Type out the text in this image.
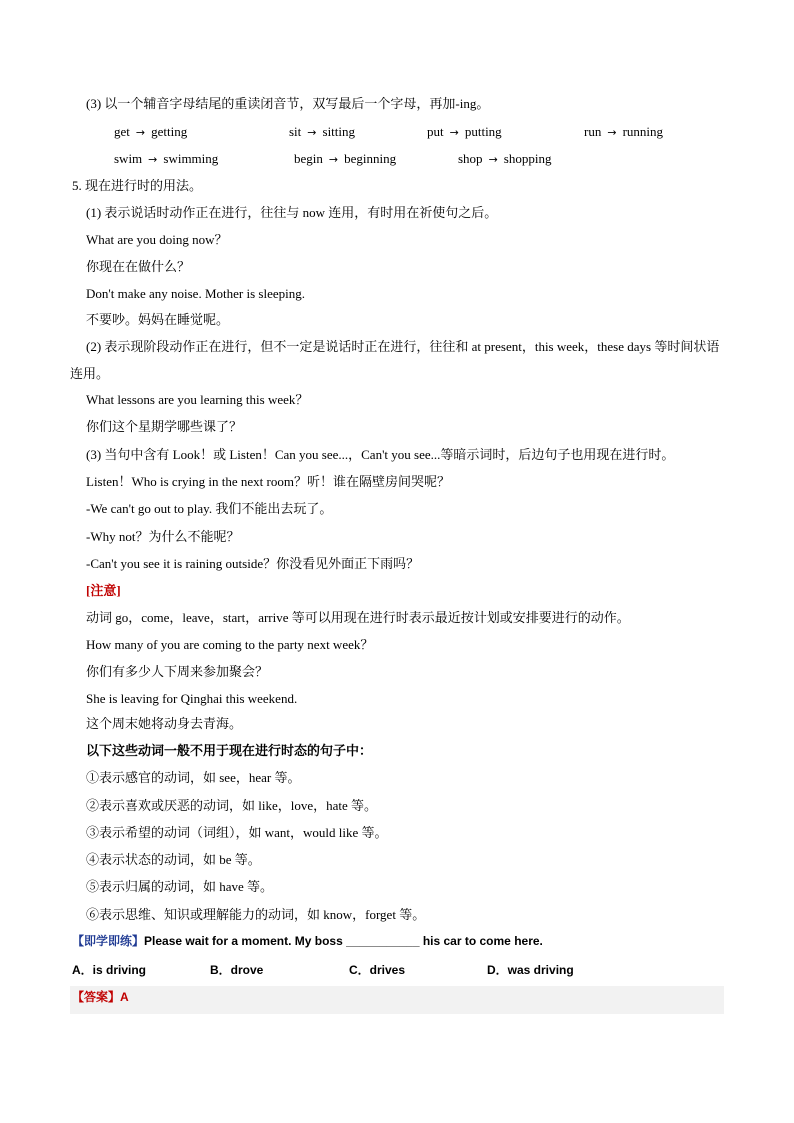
(3) 以一个辅音字母结尾的重读闭音节，双写最后一个字母，再加-ing。
get → getting	sit → sitting	put → putting	run → running
swim → swimming	begin → beginning	shop → shopping
5. 现在进行时的用法。
(1) 表示说话时动作正在进行，往往与 now 连用，有时用在祈使句之后。
What are you doing now？
你现在在做什么？
Don't make any noise. Mother is sleeping.
不要吵。妈妈在睡觉呢。
(2) 表示现阶段动作正在进行，但不一定是说话时正在进行，往往和 at present，this week，these days 等时间状语连用。
What lessons are you learning this week？
你们这个星期学哪些课了？
(3) 当句中含有 Look！或 Listen！Can you see...，Can't you see...等暗示词时，后边句子也用现在进行时。
Listen！Who is crying in the next room？听！谁在隔壁房间哭呢？
-We can't go out to play. 我们不能出去玩了。
-Why not？为什么不能呢？
-Can't you see it is raining outside？你没看见外面正下雨吗？
[注意]
动词 go，come，leave，start，arrive 等可以用现在进行时表示最近按计划或安排要进行的动作。
How many of you are coming to the party next week？
你们有多少人下周来参加聚会？
She is leaving for Qinghai this weekend.
这个周末她将动身去青海。
以下这些动词一般不用于现在进行时态的句子中：
①表示感官的动词，如 see，hear 等。
②表示喜欢或厌恶的动词，如 like，love，hate 等。
③表示希望的动词（词组），如 want，would like 等。
④表示状态的动词，如 be 等。
⑤表示归属的动词，如 have 等。
⑥表示思维、知识或理解能力的动词，如 know，forget 等。
【即学即练】Please wait for a moment. My boss ___________ his car to come here.
A．is driving	B．drove	C．drives	D．was driving
【答案】A
